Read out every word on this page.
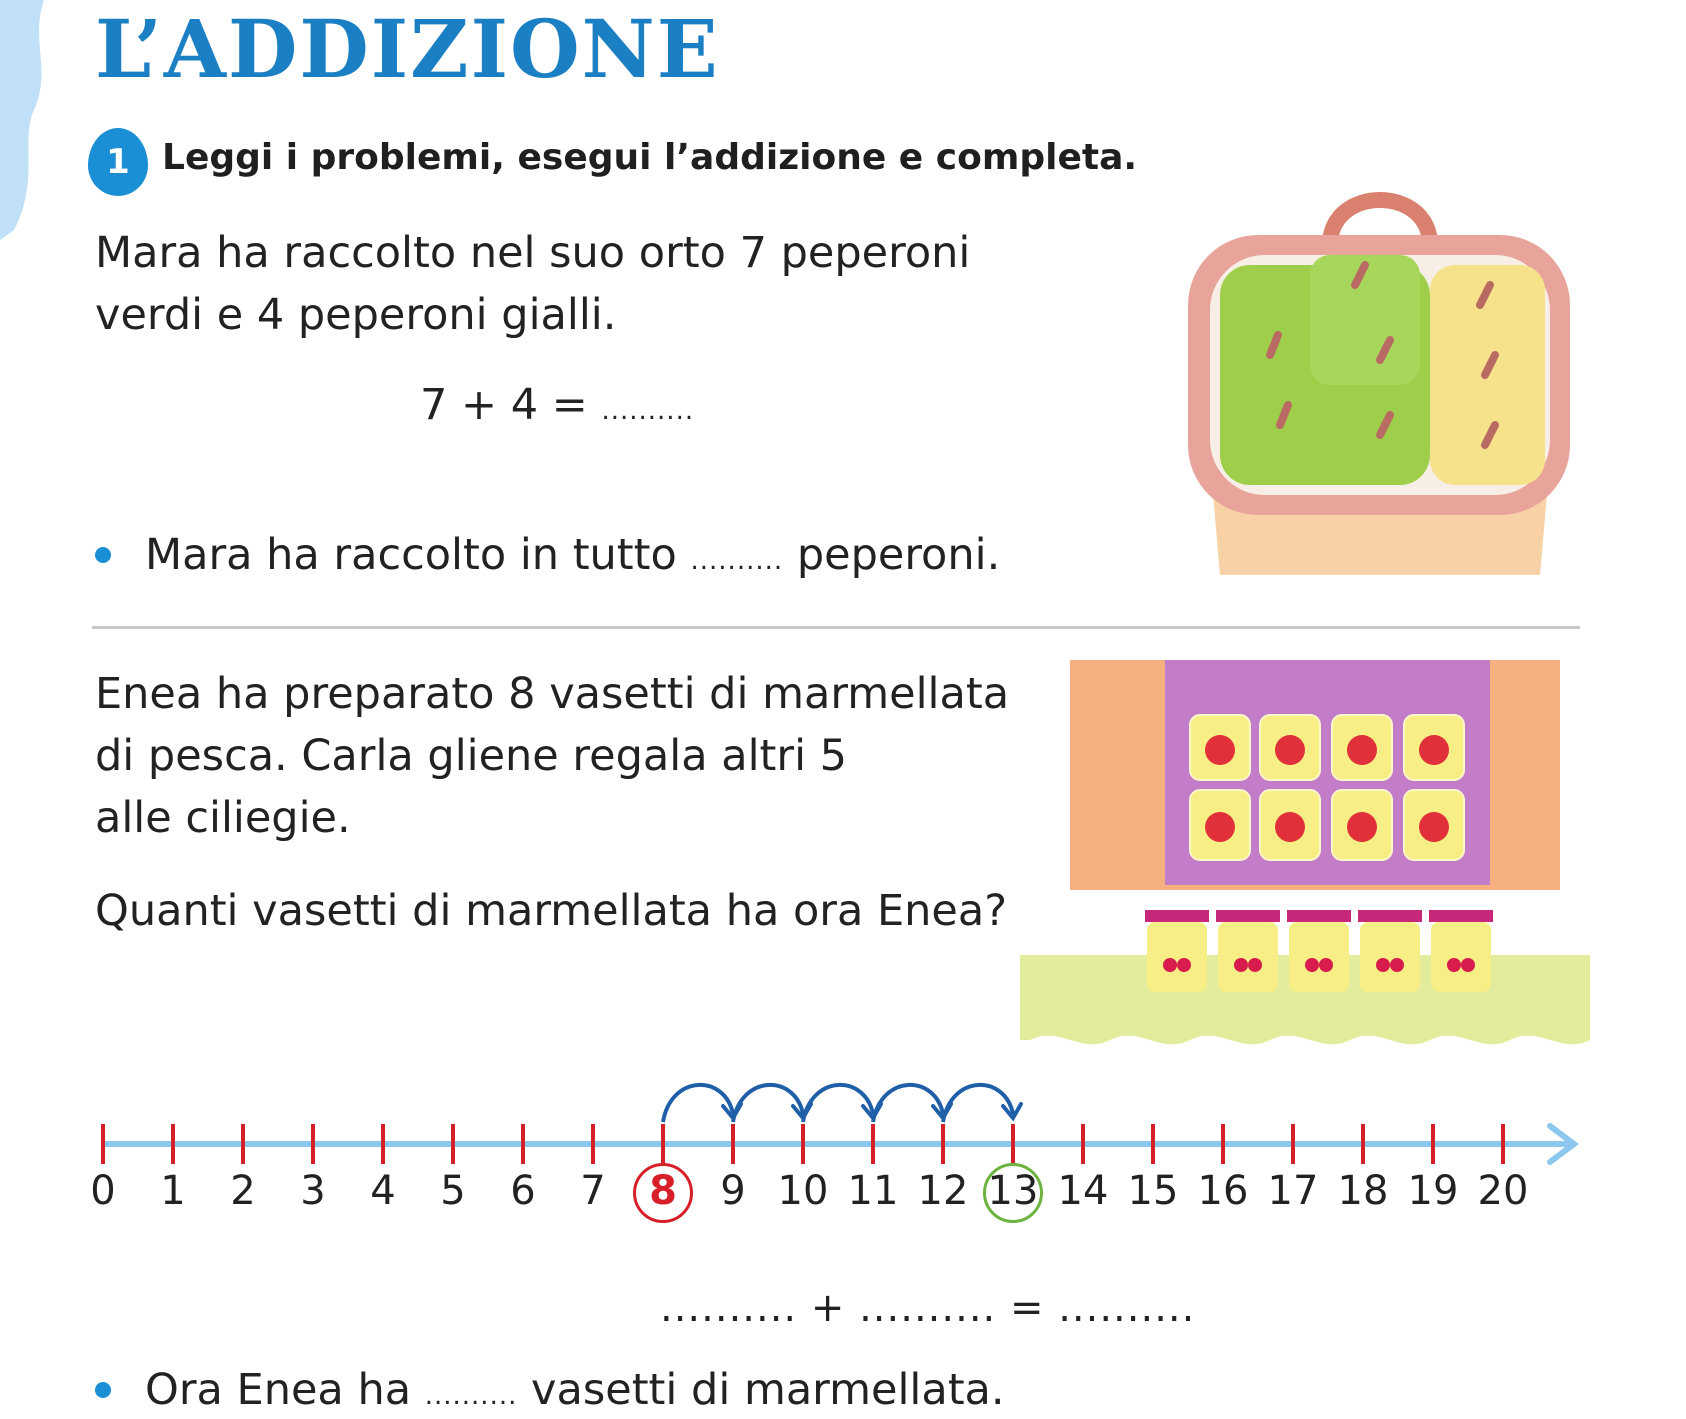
L’ADDIZIONE
1 Leggi i problemi, esegui l’addizione e completa.

Mara ha raccolto nel suo orto 7 peperoni
verdi e 4 peperoni gialli.

7 + 4 = ..........

Mara ha raccolto in tutto .......... peperoni.

Enea ha preparato 8 vasetti di marmellata
di pesca. Carla gliene regala altri 5
alle ciliegie.

Quanti vasetti di marmellata ha ora Enea?

0	1	2	3	4	5	6	7	8	9 10 11 12 13 14 15 16 17 18 19 20

.......... + .......... = ..........

Ora Enea ha .......... vasetti di marmellata.
